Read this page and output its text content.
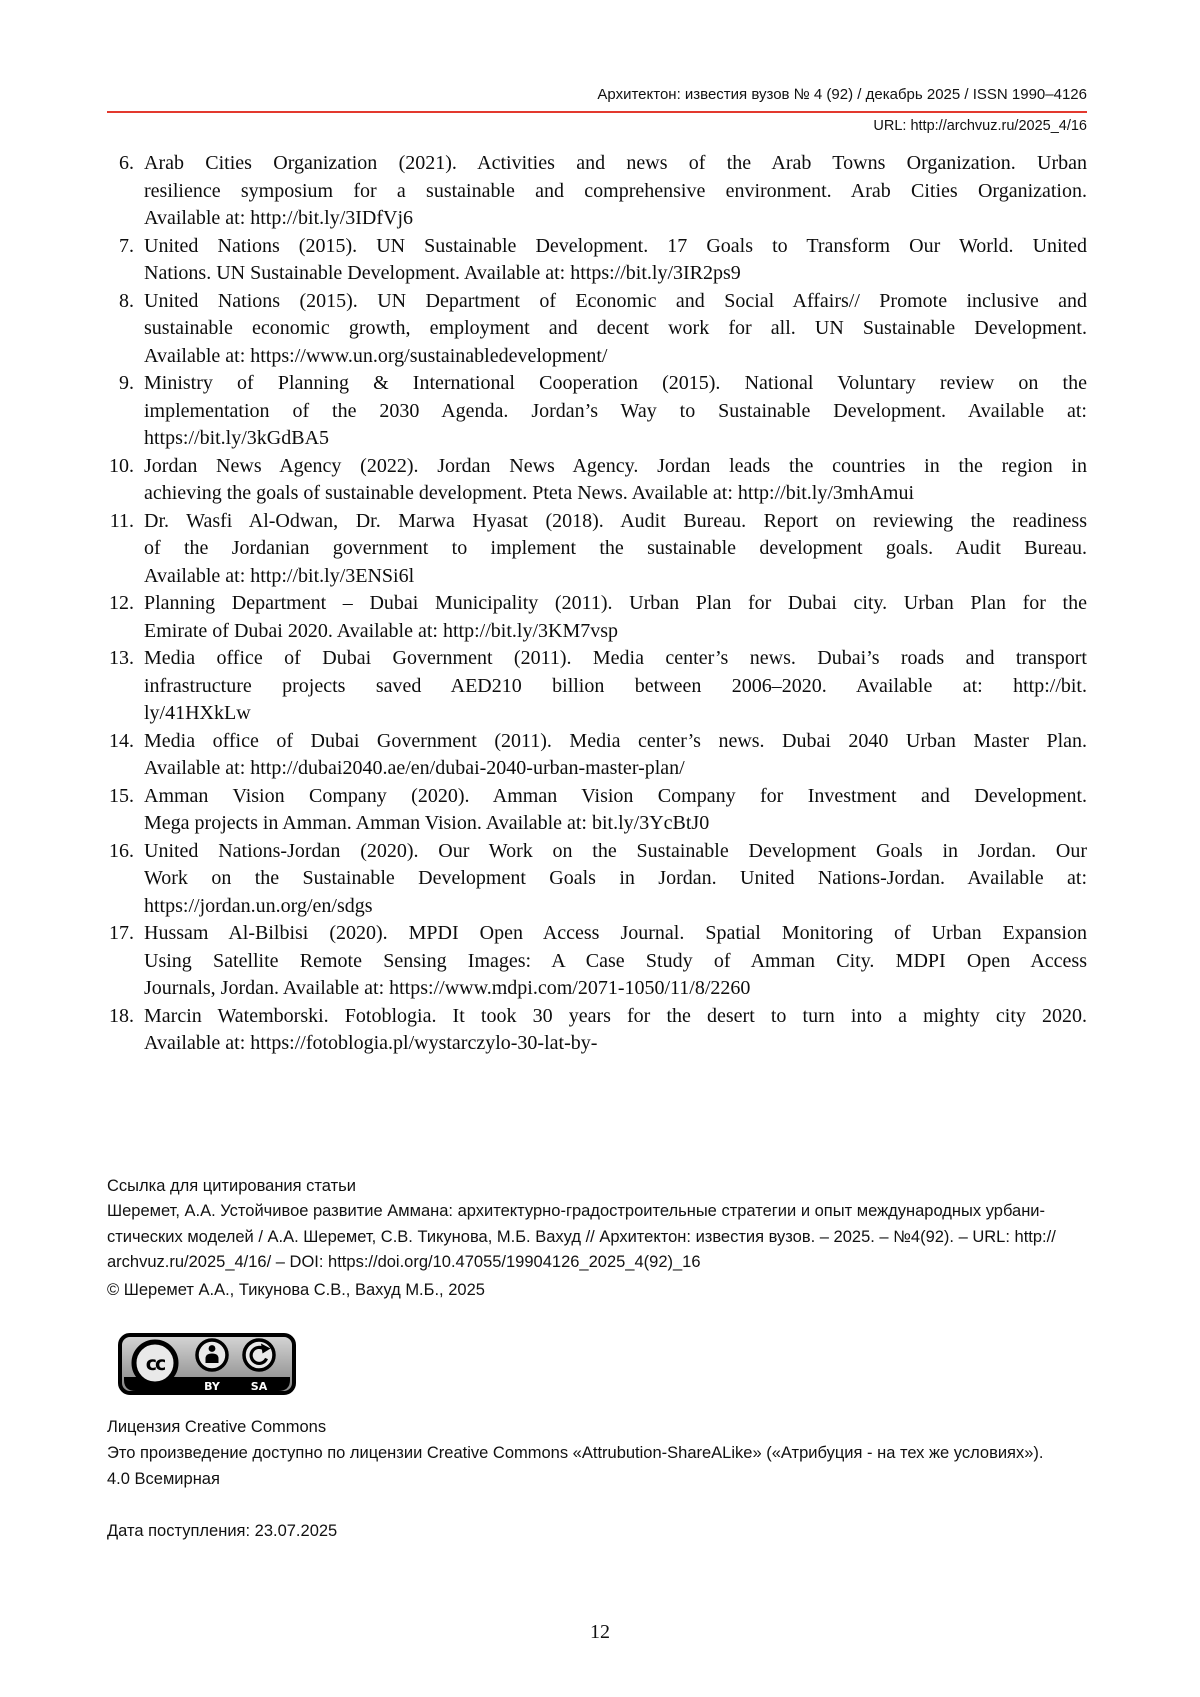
Архитектон: известия вузов № 4 (92) / декабрь 2025 / ISSN 1990–4126
URL: http://archvuz.ru/2025_4/16
6. Arab Cities Organization (2021). Activities and news of the Arab Towns Organization. Urban
resilience symposium for a sustainable and comprehensive environment. Arab Cities Organization.
Available at: http://bit.ly/3IDfVj6
7. United Nations (2015). UN Sustainable Development. 17 Goals to Transform Our World. United
Nations. UN Sustainable Development. Available at: https://bit.ly/3IR2ps9
8. United Nations (2015). UN Department of Economic and Social Affairs// Promote inclusive and
sustainable economic growth, employment and decent work for all. UN Sustainable Development.
Available at: https://www.un.org/sustainabledevelopment/
9. Ministry of Planning & International Cooperation (2015). National Voluntary review on the
implementation of the 2030 Agenda. Jordan’s Way to Sustainable Development. Available at:
https://bit.ly/3kGdBA5
10. Jordan News Agency (2022). Jordan News Agency. Jordan leads the countries in the region in
achieving the goals of sustainable development. Pteta News. Available at: http://bit.ly/3mhAmui
11. Dr. Wasfi Al-Odwan, Dr. Marwa Hyasat (2018). Audit Bureau. Report on reviewing the readiness
of the Jordanian government to implement the sustainable development goals. Audit Bureau.
Available at: http://bit.ly/3ENSi6l
12. Planning Department – Dubai Municipality (2011). Urban Plan for Dubai city. Urban Plan for the
Emirate of Dubai 2020. Available at: http://bit.ly/3KM7vsp
13. Media office of Dubai Government (2011). Media center’s news. Dubai’s roads and transport
infrastructure projects saved AED210 billion between 2006–2020. Available at: http://bit.
ly/41HXkLw
14. Media office of Dubai Government (2011). Media center’s news. Dubai 2040 Urban Master Plan.
Available at: http://dubai2040.ae/en/dubai-2040-urban-master-plan/
15. Amman Vision Company (2020). Amman Vision Company for Investment and Development.
Mega projects in Amman. Amman Vision. Available at: bit.ly/3YcBtJ0
16. United Nations-Jordan (2020). Our Work on the Sustainable Development Goals in Jordan. Our
Work on the Sustainable Development Goals in Jordan. United Nations-Jordan. Available at:
https://jordan.un.org/en/sdgs
17. Hussam Al-Bilbisi (2020). MPDI Open Access Journal. Spatial Monitoring of Urban Expansion
Using Satellite Remote Sensing Images: A Case Study of Amman City. MDPI Open Access
Journals, Jordan. Available at: https://www.mdpi.com/2071-1050/11/8/2260
18. Marcin Watemborski. Fotoblogia. It took 30 years for the desert to turn into a mighty city 2020.
Available at: https://fotoblogia.pl/wystarczylo-30-lat-by-
Ссылка для цитирования статьи
Шеремет, А.А. Устойчивое развитие Аммана: архитектурно-градостроительные стратегии и опыт международных урбани-
стических моделей / А.А. Шеремет, С.В. Тикунова, М.Б. Вахуд // Архитектон: известия вузов. – 2025. – №4(92). – URL: http://
archvuz.ru/2025_4/16/ – DOI: https://doi.org/10.47055/19904126_2025_4(92)_16
© Шеремет А.А., Тикунова С.В., Вахуд М.Б., 2025
cc
BY	SA
Лицензия Creative Commons
Это произведение доступно по лицензии Creative Commons «Attrubution-ShareALike» («Атрибуция - на тех же условиях»).
4.0 Всемирная
Дата поступления: 23.07.2025
12
